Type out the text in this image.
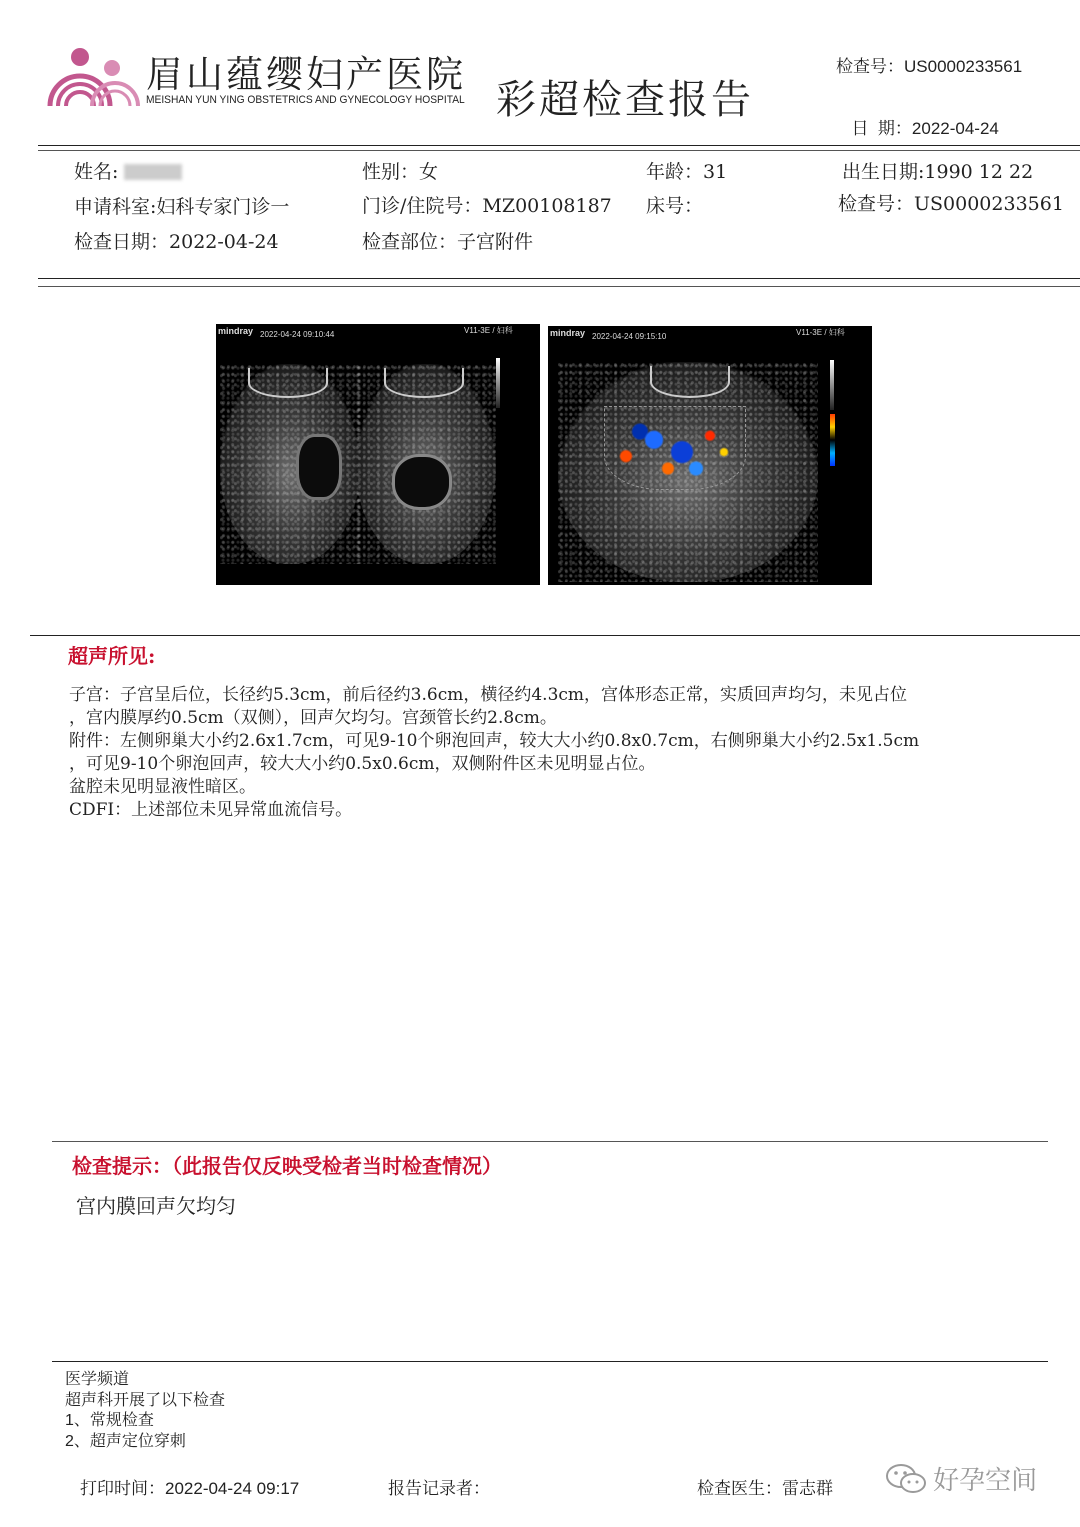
眉山蕴缨妇产医院
MEISHAN YUN YING OBSTETRICS AND GYNECOLOGY HOSPITAL 彩超检查报告
检查号：US0000233561

日  期：2022-04-24

姓名:	性别：女	年龄：31	出生日期:1990 12 22
申请科室:妇科专家门诊一	门诊/住院号：MZ00108187 床号：	检查号：US0000233561
检查日期：2022-04-24	检查部位：子宫附件
mindray 2022-04-24 09:10:44	V11-3E / 妇科	mindray 2022-04-24 09:15:10	V11-3E / 妇科
超声所见:
子宫：子宫呈后位，长径约5.3cm，前后径约3.6cm，横径约4.3cm，宫体形态正常，实质回声均匀，未见占位
，宫内膜厚约0.5cm（双侧），回声欠均匀。宫颈管长约2.8cm。
附件：左侧卵巢大小约2.6x1.7cm，可见9-10个卵泡回声，较大大小约0.8x0.7cm，右侧卵巢大小约2.5x1.5cm
，可见9-10个卵泡回声，较大大小约0.5x0.6cm，双侧附件区未见明显占位。
盆腔未见明显液性暗区。
CDFI：上述部位未见异常血流信号。
检查提示：（此报告仅反映受检者当时检查情况）
宫内膜回声欠均匀
医学频道
超声科开展了以下检查
1、常规检查
2、超声定位穿刺
打印时间：2022-04-24 09:17	报告记录者：	检查医生：雷志群	好孕空间
